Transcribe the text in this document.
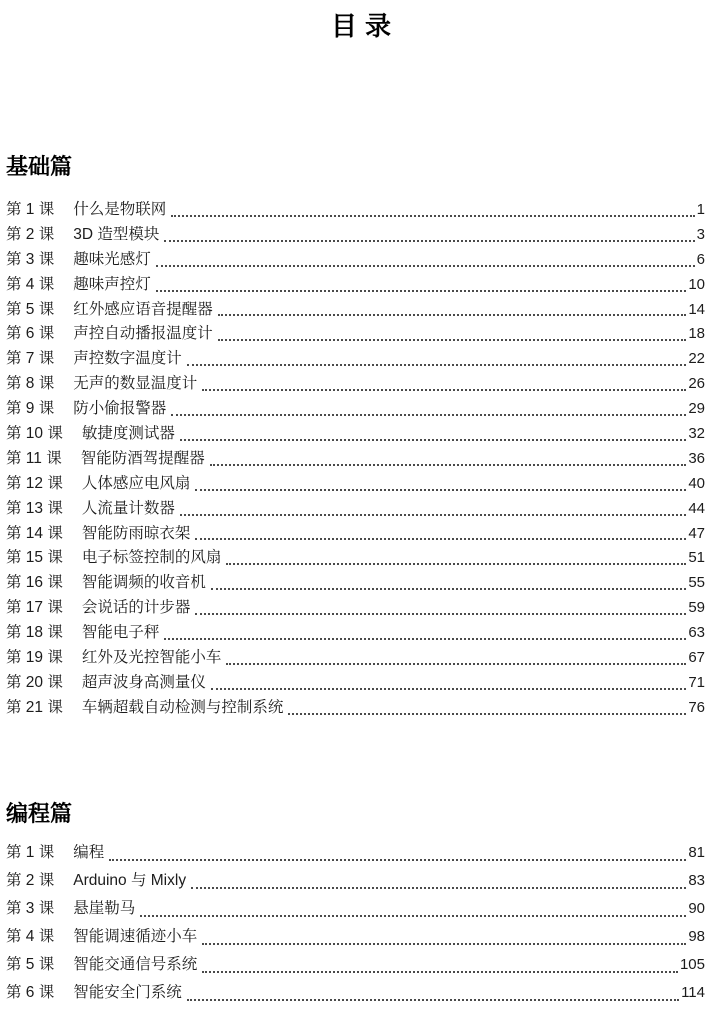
目录
基础篇
第 1 课 什么是物联网	1
第 2 课 3D 造型模块	3
第 3 课 趣味光感灯	6
第 4 课 趣味声控灯	10
第 5 课 红外感应语音提醒器	14
第 6 课 声控自动播报温度计	18
第 7 课 声控数字温度计	22
第 8 课 无声的数显温度计	26
第 9 课 防小偷报警器	29
第 10 课 敏捷度测试器	32
第 11 课 智能防酒驾提醒器	36
第 12 课 人体感应电风扇	40
第 13 课 人流量计数器	44
第 14 课 智能防雨晾衣架	47
第 15 课 电子标签控制的风扇	51
第 16 课 智能调频的收音机	55
第 17 课 会说话的计步器	59
第 18 课 智能电子秤	63
第 19 课 红外及光控智能小车	67
第 20 课 超声波身高测量仪	71
第 21 课 车辆超载自动检测与控制系统	76
编程篇
第 1 课 编程	81
第 2 课 Arduino 与 Mixly	83
第 3 课 悬崖勒马	90
第 4 课 智能调速循迹小车	98
第 5 课 智能交通信号系统	105
第 6 课 智能安全门系统	114
